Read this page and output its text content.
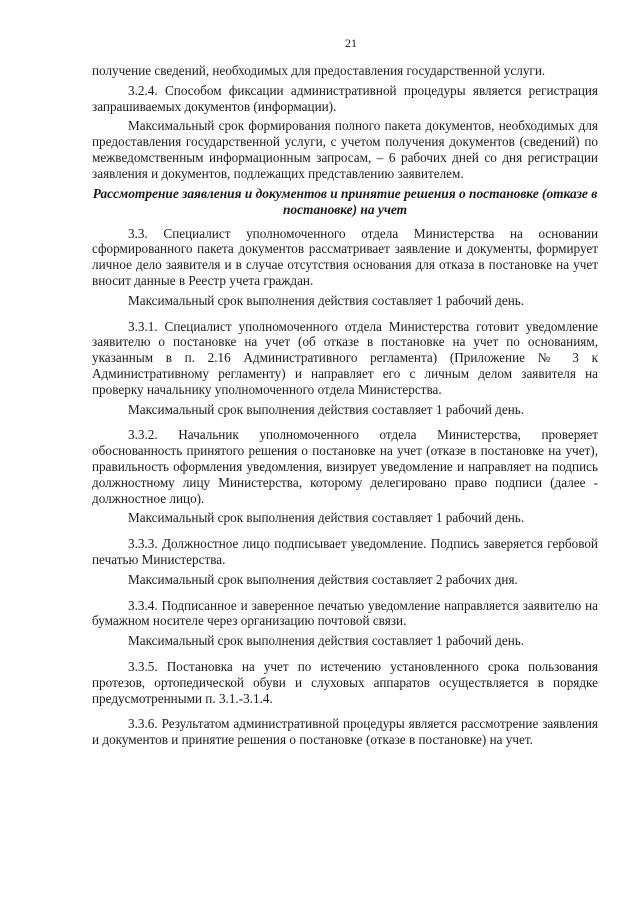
21

получение сведений, необходимых для предоставления государственной услуги.

3.2.4. Способом фиксации административной процедуры является регистрация запрашиваемых документов (информации).

Максимальный срок формирования полного пакета документов, необходимых для предоставления государственной услуги, с учетом получения документов (сведений) по межведомственным информационным запросам, – 6 рабочих дней со дня регистрации заявления и документов, подлежащих представлению заявителем.

Рассмотрение заявления и документов и принятие решения о постановке (отказе в постановке) на учет

3.3. Специалист уполномоченного отдела Министерства на основании сформированного пакета документов рассматривает заявление и документы, формирует личное дело заявителя и в случае отсутствия основания для отказа в постановке на учет вносит данные в Реестр учета граждан.

Максимальный срок выполнения действия составляет 1 рабочий день.

3.3.1. Специалист уполномоченного отдела Министерства готовит уведомление заявителю о постановке на учет (об отказе в постановке на учет по основаниям, указанным в п. 2.16 Административного регламента) (Приложение № 3 к Административному регламенту) и направляет его с личным делом заявителя на проверку начальнику уполномоченного отдела Министерства.

Максимальный срок выполнения действия составляет 1 рабочий день.

3.3.2. Начальник уполномоченного отдела Министерства, проверяет обоснованность принятого решения о постановке на учет (отказе в постановке на учет), правильность оформления уведомления, визирует уведомление и направляет на подпись должностному лицу Министерства, которому делегировано право подписи (далее - должностное лицо).

Максимальный срок выполнения действия составляет 1 рабочий день.

3.3.3. Должностное лицо подписывает уведомление. Подпись заверяется гербовой печатью Министерства.

Максимальный срок выполнения действия составляет 2 рабочих дня.

3.3.4. Подписанное и заверенное печатью уведомление направляется заявителю на бумажном носителе через организацию почтовой связи.

Максимальный срок выполнения действия составляет 1 рабочий день.

3.3.5. Постановка на учет по истечению установленного срока пользования протезов, ортопедической обуви и слуховых аппаратов осуществляется в порядке предусмотренными п. 3.1.-3.1.4.

3.3.6. Результатом административной процедуры является рассмотрение заявления и документов и принятие решения о постановке (отказе в постановке) на учет.
